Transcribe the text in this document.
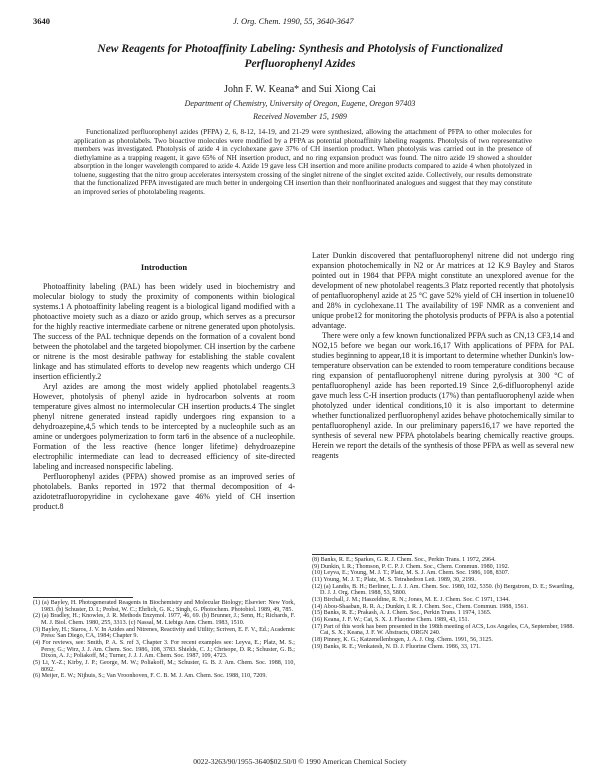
3640	J. Org. Chem. 1990, 55, 3640-3647
New Reagents for Photoaffinity Labeling: Synthesis and Photolysis of Functionalized Perfluorophenyl Azides
John F. W. Keana* and Sui Xiong Cai
Department of Chemistry, University of Oregon, Eugene, Oregon 97403
Received November 15, 1989

Functionalized perfluorophenyl azides (PFPA) 2, 6, 8-12, 14-19, and 21-29 were synthesized, allowing the attachment of PFPA to other molecules for application as photolabels. Two bioactive molecules were modified by a PFPA as potential photoaffinity labeling reagents. Photolysis of two representative members was investigated. Photolysis of azide 4 in cyclohexane gave 37% of CH insertion product. When photolysis was carried out in the presence of diethylamine as a trapping reagent, it gave 65% of NH insertion product, and no ring expansion product was found. The nitro azide 19 showed a shoulder absorption in the longer wavelength compared to azide 4. Azide 19 gave less CH insertion and more aniline products compared to azide 4 when photolyzed in toluene, suggesting that the nitro group accelerates intersystem crossing of the singlet nitrene of the singlet excited azide. Collectively, our results demonstrate that the functionalized PFPA investigated are much better in undergoing CH insertion than their nonfluorinated analogues and suggest that they may constitute an improved series of photolabeling reagents.

Introduction

Photoaffinity labeling (PAL) has been widely used in biochemistry and molecular biology to study the proximity of components within biological systems.1 A photoaffinity labeling reagent is a biological ligand modified with a photoactive moiety such as a diazo or azido group, which serves as a precursor for the highly reactive intermediate carbene or nitrene generated upon photolysis. The success of the PAL technique depends on the formation of a covalent bond between the photolabel and the targeted biopolymer. CH insertion by the carbene or nitrene is the most desirable pathway for establishing the stable covalent linkage and has stimulated efforts to develop new reagents which undergo CH insertion efficiently.2

Aryl azides are among the most widely applied photolabel reagents.3 However, photolysis of phenyl azide in hydrocarbon solvents at room temperature gives almost no intermolecular CH insertion products.4 The singlet phenyl nitrene generated instead rapidly undergoes ring expansion to a dehydroazepine,4,5 which tends to be intercepted by a nucleophile such as an amine or undergoes polymerization to form tar6 in the absence of a nucleophile. Formation of the less reactive (hence longer lifetime) dehydroazepine electrophilic intermediate can lead to decreased efficiency of site-directed labeling and increased nonspecific labeling.

Perfluorophenyl azides (PFPA) showed promise as an improved series of photolabels. Banks reported in 1972 that thermal decomposition of 4-azidotetrafluoropyridine in cyclohexane gave 46% yield of CH insertion product.8

Later Dunkin discovered that pentafluorophenyl nitrene did not undergo ring expansion photochemically in N2 or Ar matrices at 12 K.9 Bayley and Staros pointed out in 1984 that PFPA might constitute an unexplored avenue for the development of new photolabel reagents.3 Platz reported recently that photolysis of pentafluorophenyl azide at 25 °C gave 52% yield of CH insertion in toluene10 and 28% in cyclohexane.11 The availability of 19F NMR as a convenient and unique probe12 for monitoring the photolysis products of PFPA is also a potential advantage.

There were only a few known functionalized PFPA such as CN,13 CF3,14 and NO2,15 before we began our work.16,17 With applications of PFPA for PAL studies beginning to appear,18 it is important to determine whether Dunkin's low-temperature observation can be extended to room temperature conditions because ring expansion of pentafluorophenyl nitrene during pyrolysis at 300 °C of pentafluorophenyl azide has been reported.19 Since 2,6-difluorophenyl azide gave much less C-H insertion products (17%) than pentafluorophenyl azide when photolyzed under identical conditions,10 it is also important to determine whether functionalized perfluorophenyl azides behave photochemically similar to pentafluorophenyl azide. In our preliminary papers16,17 we have reported the synthesis of several new PFPA photolabels bearing chemically reactive groups. Herein we report the details of the synthesis of those PFPA as well as several new reagents

(1) (a) Bayley, H. Photogenerated Reagents in Biochemistry and Molecular Biology; Elsevier: New York, 1983. (b) Schuster, D. I.; Probst, W. C.; Ehrlich, G. K.; Singh, G. Photochem. Photobiol. 1989, 49, 785.

(2) (a) Bradley, H.; Knowles, J. R. Methods Enzymol. 1977, 46, 69. (b) Brunner, J.; Senn, H.; Richards, F. M. J. Biol. Chem. 1980, 255, 3313. (c) Nassal, M. Liebigs Ann. Chem. 1983, 1510.

(3) Bayley, H.; Staros, J. V. In Azides and Nitrenes, Reactivity and Utility; Scriven, E. F. V., Ed.; Academic Press: San Diego, CA, 1984; Chapter 9.

(4) For reviews, see: Smith, P. A. S. ref 3, Chapter 3. For recent examples see: Leyva, E.; Platz, M. S.; Persy, G.; Wirz, J. J. Am. Chem. Soc. 1986, 108, 3783. Shields, C. J.; Chrisope, D. R.; Schuster, G. B.; Dixon, A. J.; Poliakoff, M.; Turner, J. J. J. Am. Chem. Soc. 1987, 109, 4723.

(5) Li, Y.-Z.; Kirby, J. P.; George, M. W.; Poliakoff, M.; Schuster, G. B. J. Am. Chem. Soc. 1988, 110, 8092.

(6) Meijer, E. W.; Nijhuis, S.; Van Vroonhoven, F. C. B. M. J. Am. Chem. Soc. 1988, 110, 7209.

(8) Banks, R. E.; Sparkes, G. R. J. Chem. Soc., Perkin Trans. 1 1972, 2964.

(9) Dunkin, I. R.; Thomson, P. C. P. J. Chem. Soc., Chem. Commun. 1980, 1192.

(10) Leyva, E.; Young, M. J. T.; Platz, M. S. J. Am. Chem. Soc. 1986, 108, 8307.

(11) Young, M. J. T.; Platz, M. S. Tetrahedron Lett. 1989, 30, 2199.

(12) (a) Landis, B. H.; Berliner, L. J. J. Am. Chem. Soc. 1980, 102, 5350. (b) Bergstrom, D. E.; Swartling, D. J. J. Org. Chem. 1988, 53, 5800.

(13) Birchall, J. M.; Haszeldine, R. N.; Jones, M. E. J. Chem. Soc. C 1971, 1344.

(14) Abou-Shaaban, R. R. A.; Dunkin, I. R. J. Chem. Soc., Chem. Commun. 1988, 1561.

(15) Banks, R. E.; Prakash, A. J. Chem. Soc., Perkin Trans. 1 1974, 1365.

(16) Keana, J. F. W.; Cai, S. X. J. Fluorine Chem. 1989, 43, 151.

(17) Part of this work has been presented in the 198th meeting of ACS, Los Angeles, CA, September, 1988. Cai, S. X.; Keana, J. F. W. Abstracts, ORGN 240.

(18) Pinney, K. G.; Katzenellenbogen, J. A. J. Org. Chem. 1991, 56, 3125.

(19) Banks, R. E.; Venkatesh, N. D. J. Fluorine Chem. 1986, 33, 171.

0022-3263/90/1955-3640$02.50/0 © 1990 American Chemical Society
